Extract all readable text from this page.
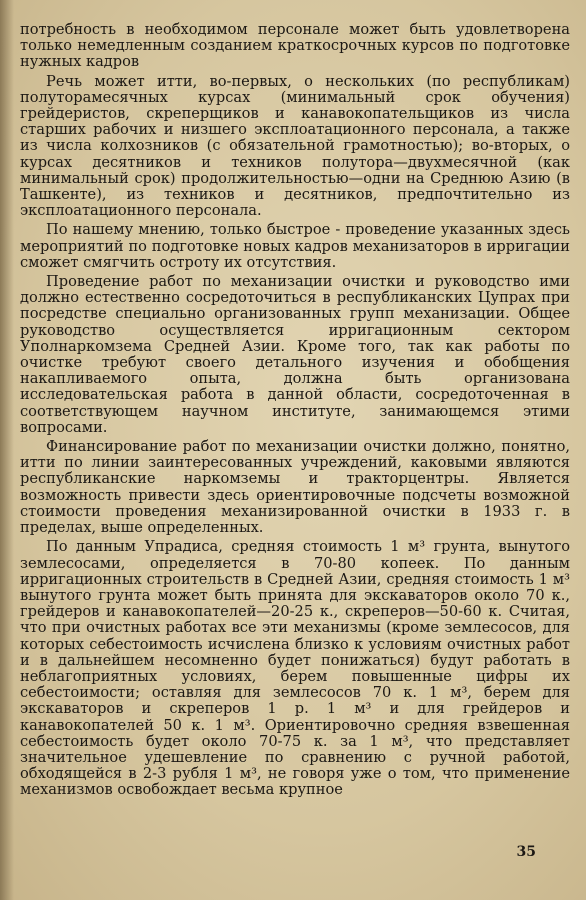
потребность в необходимом персонале может быть удовлетворена только немедленным созданием краткосрочных курсов по подготовке нужных кадров

Речь может итти, во-первых, о нескольких (по республикам) полуторамесячных курсах (минимальный срок обучения) грейдеристов, скреперщиков и канавокопательщиков из числа старших рабочих и низшего эксплоатационного персонала, а также из числа колхозников (с обязательной грамотностью); во-вторых, о курсах десятников и техников полутора—двухмесячной (как минимальный срок) продолжительностью—одни на Среднюю Азию (в Ташкенте), из техников и десятников, предпочтительно из эксплоатационного персонала.

По нашему мнению, только быстрое - проведение указанных здесь мероприятий по подготовке новых кадров механизаторов в ирригации сможет смягчить остроту их отсутствия.

Проведение работ по механизации очистки и руководство ими должно естественно сосредоточиться в республиканских Цупрах при посредстве специально организованных групп механизации. Общее руководство осуществляется ирригационным сектором Уполнаркомзема Средней Азии. Кроме того, так как работы по очистке требуют своего детального изучения и обобщения накапливаемого опыта, должна быть организована исследовательская работа в данной области, сосредоточенная в соответствующем научном институте, занимающемся этими вопросами.

Финансирование работ по механизации очистки должно, понятно, итти по линии заинтересованных учреждений, каковыми являются республиканские наркомземы и тракторцентры. Является возможность привести здесь ориентировочные подсчеты возможной стоимости проведения механизированной очистки в 1933 г. в пределах, выше определенных.

По данным Упрадиса, средняя стоимость 1 м³ грунта, вынутого землесосами, определяется в 70-80 копеек. По данным ирригационных строительств в Средней Азии, средняя стоимость 1 м³ вынутого грунта может быть принята для экскаваторов около 70 к., грейдеров и канавокопателей—20-25 к., скреперов—50-60 к. Считая, что при очистных работах все эти механизмы (кроме землесосов, для которых себестоимость исчислена близко к условиям очистных работ и в дальнейшем несомненно будет понижаться) будут работать в неблагоприятных условиях, берем повышенные цифры их себестоимости; оставляя для землесосов 70 к. 1 м³, берем для экскаваторов и скреперов 1 р. 1 м³ и для грейдеров и канавокопателей 50 к. 1 м³. Ориентировочно средняя взвешенная себестоимость будет около 70-75 к. за 1 м³, что представляет значительное удешевление по сравнению с ручной работой, обходящейся в 2-3 рубля 1 м³, не говоря уже о том, что применение механизмов освобождает весьма крупное

35
